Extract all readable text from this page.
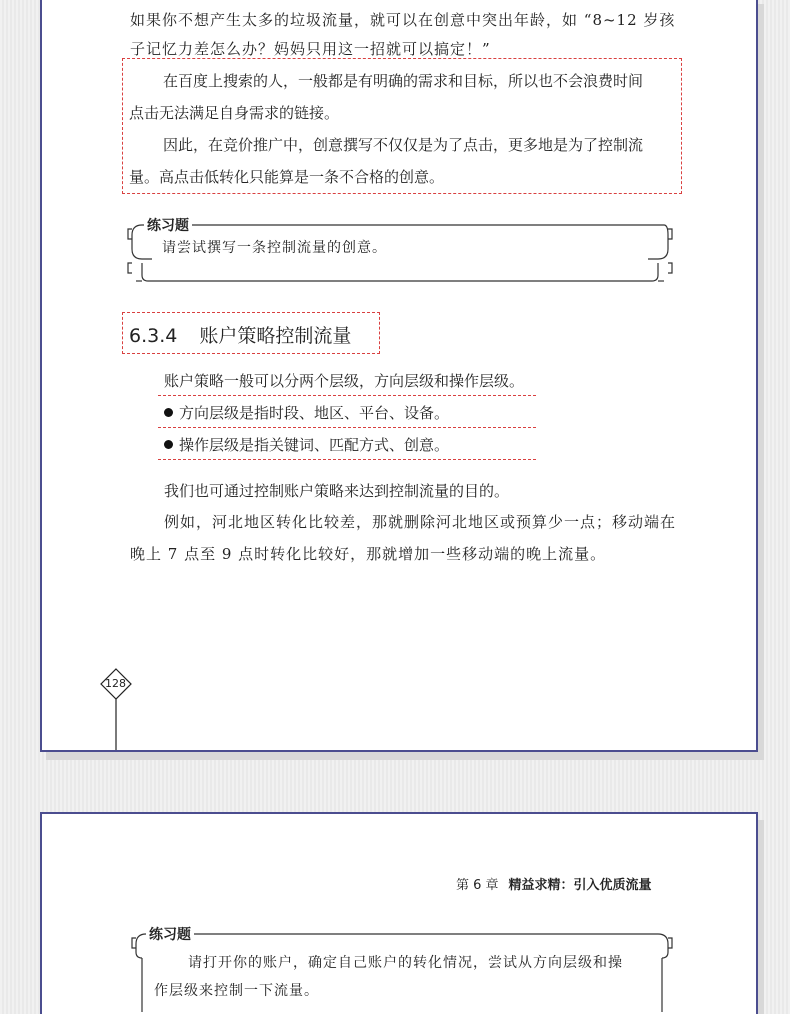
如果你不想产生太多的垃圾流量，就可以在创意中突出年龄，如 “8~12 岁孩
子记忆力差怎么办？妈妈只用这一招就可以搞定！”
在百度上搜索的人，一般都是有明确的需求和目标，所以也不会浪费时间
点击无法满足自身需求的链接。
因此，在竞价推广中，创意撰写不仅仅是为了点击，更多地是为了控制流
量。高点击低转化只能算是一条不合格的创意。
练习题
请尝试撰写一条控制流量的创意。
6.3.4 账户策略控制流量
账户策略一般可以分两个层级，方向层级和操作层级。
方向层级是指时段、地区、平台、设备。
操作层级是指关键词、匹配方式、创意。
我们也可通过控制账户策略来达到控制流量的目的。
例如，河北地区转化比较差，那就删除河北地区或预算少一点；移动端在
晚上 7 点至 9 点时转化比较好，那就增加一些移动端的晚上流量。
128
第 6 章 精益求精：引入优质流量
练习题
请打开你的账户，确定自己账户的转化情况，尝试从方向层级和操
作层级来控制一下流量。
